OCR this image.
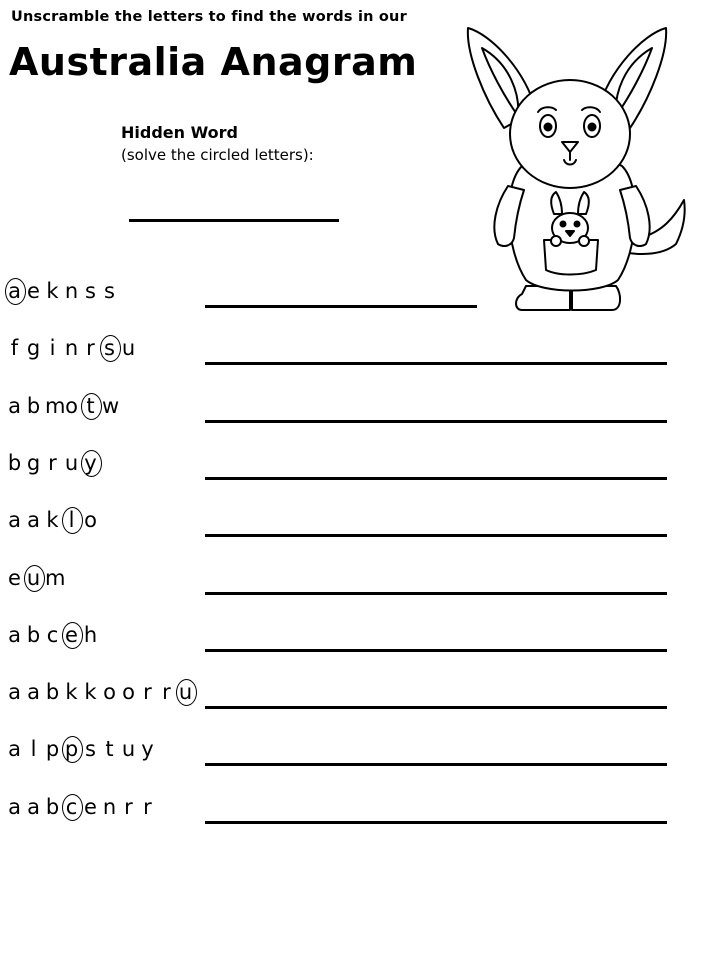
Unscramble the letters to find the words in our
Australia Anagram
Hidden Word
(solve the circled letters):
a e k n s s
f g i n r s u
a b mo t w
b g r u y
a a k l o
e u m
a b c e h
a a b k k o o r r u
a l p p s t u y
a a b c e n r r
